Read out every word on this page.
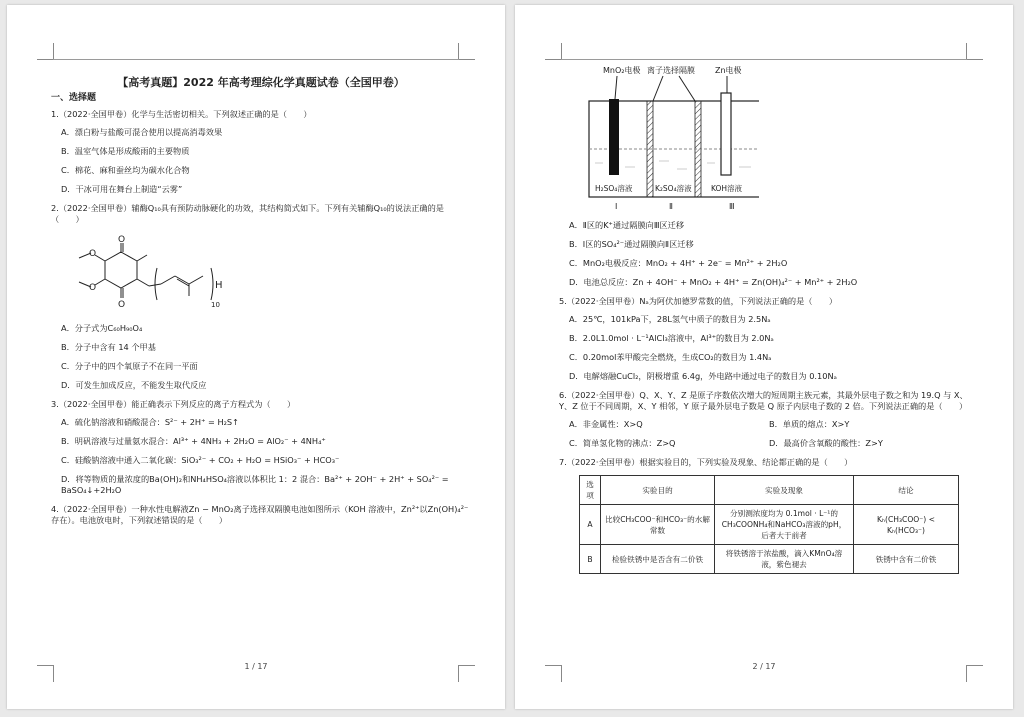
【高考真题】2022 年高考理综化学真题试卷（全国甲卷）
一、选择题
1.（2022·全国甲卷）化学与生活密切相关。下列叙述正确的是（　　）
A．漂白粉与盐酸可混合使用以提高消毒效果
B．温室气体是形成酸雨的主要物质
C．棉花、麻和蚕丝均为碳水化合物
D．干冰可用在舞台上制造“云雾”
2.（2022·全国甲卷）辅酶Q₁₀具有预防动脉硬化的功效，其结构简式如下。下列有关辅酶Q₁₀的说法正确的是（　　）
O
O
O
O	H
10
A．分子式为C₆₀H₉₀O₄
B．分子中含有 14 个甲基
C．分子中的四个氧原子不在同一平面
D．可发生加成反应，不能发生取代反应
3.（2022·全国甲卷）能正确表示下列反应的离子方程式为（　　）
A．硫化钠溶液和硝酸混合：S²⁻ + 2H⁺ = H₂S↑
B．明矾溶液与过量氨水混合：Al³⁺ + 4NH₃ + 2H₂O = AlO₂⁻ + 4NH₄⁺
C．硅酸钠溶液中通入二氧化碳：SiO₃²⁻ + CO₂ + H₂O = HSiO₃⁻ + HCO₃⁻
D．将等物质的量浓度的Ba(OH)₂和NH₄HSO₄溶液以体积比 1：2 混合：Ba²⁺ + 2OH⁻ + 2H⁺ + SO₄²⁻ = BaSO₄↓+2H₂O
4.（2022·全国甲卷）一种水性电解液Zn − MnO₂离子选择双隔膜电池如图所示（KOH 溶液中，Zn²⁺以Zn(OH)₄²⁻存在）。电池放电时，下列叙述错误的是（　　）
1 / 17
MnO₂电极 离子选择隔膜	Zn电极
H₂SO₄溶液	K₂SO₄溶液	KOH溶液
Ⅰ	Ⅱ	Ⅲ
A．Ⅱ区的K⁺通过隔膜向Ⅲ区迁移
B．Ⅰ区的SO₄²⁻通过隔膜向Ⅱ区迁移
C．MnO₂电极反应：MnO₂ + 4H⁺ + 2e⁻ = Mn²⁺ + 2H₂O
D．电池总反应：Zn + 4OH⁻ + MnO₂ + 4H⁺ = Zn(OH)₄²⁻ + Mn²⁺ + 2H₂O
5.（2022·全国甲卷）Nₐ为阿伏加德罗常数的值，下列说法正确的是（　　）
A．25℃，101kPa下，28L氢气中质子的数目为 2.5Nₐ
B．2.0L1.0mol · L⁻¹AlCl₃溶液中，Al³⁺的数目为 2.0Nₐ
C．0.20mol苯甲酸完全燃烧，生成CO₂的数目为 1.4Nₐ
D．电解熔融CuCl₂，阴极增重 6.4g，外电路中通过电子的数目为 0.10Nₐ
6.（2022·全国甲卷）Q、X、Y、Z 是原子序数依次增大的短周期主族元素，其最外层电子数之和为 19.Q 与 X、Y、Z 位于不同周期，X、Y 相邻，Y 原子最外层电子数是 Q 原子内层电子数的 2 倍。下列说法正确的是（　　）
A．非金属性：X>Q	B．单质的熔点：X>Y
C．简单氢化物的沸点：Z>Q	D．最高价含氧酸的酸性：Z>Y
7.（2022·全国甲卷）根据实验目的，下列实验及现象、结论都正确的是（　　）
选项	实验目的	实验及现象	结论
A	比较CH₃COO⁻和HCO₃⁻的水解常数	分别测浓度均为 0.1mol · L⁻¹的CH₃COONH₄和NaHCO₃溶液的pH，后者大于前者	Kₕ(CH₃COO⁻) < Kₕ(HCO₃⁻)
B	检验铁锈中是否含有二价铁	将铁锈溶于浓盐酸，滴入KMnO₄溶液，紫色褪去	铁锈中含有二价铁
2 / 17
